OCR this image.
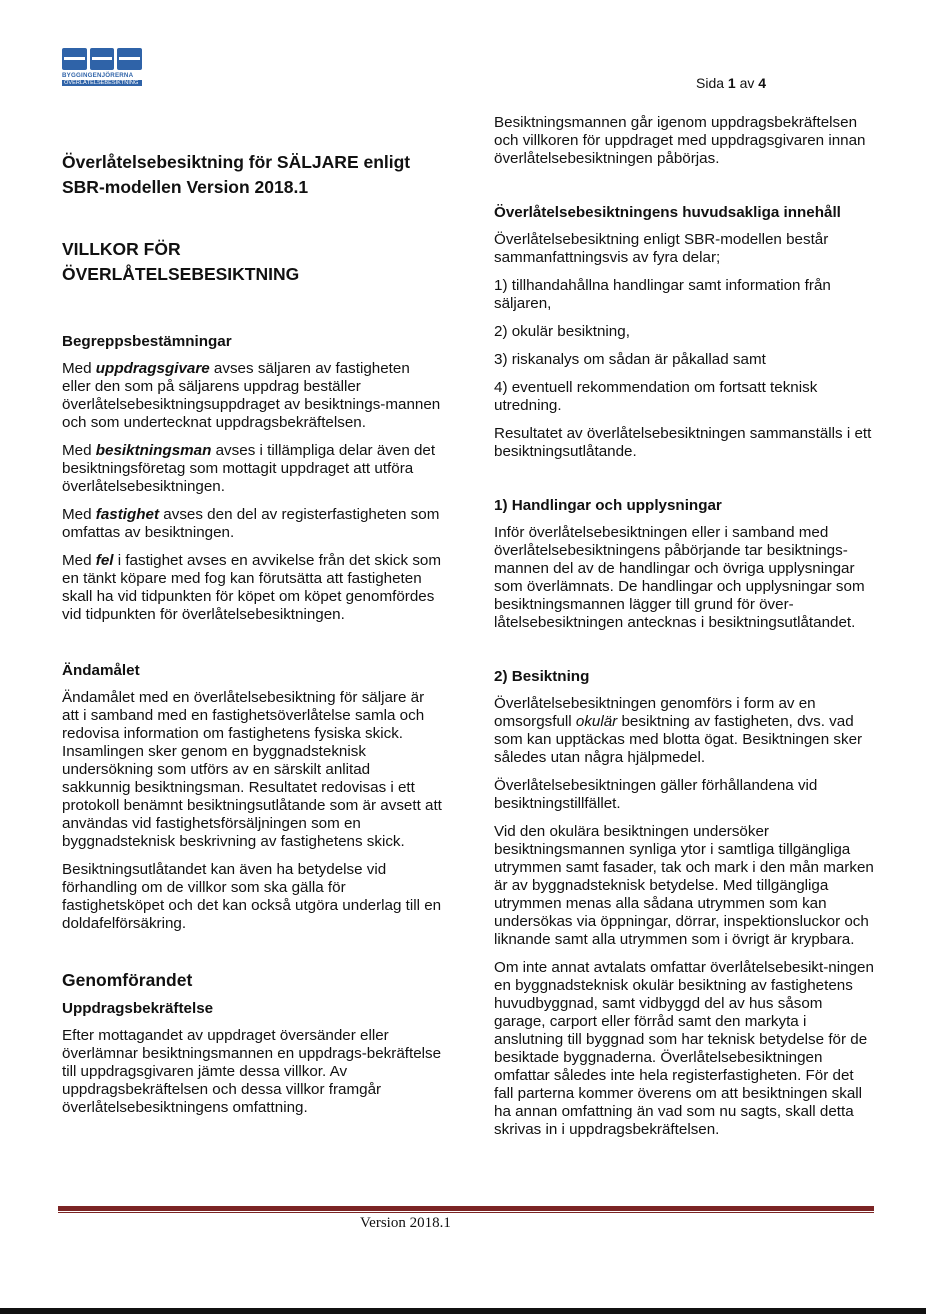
BYGGINGENJÖRERNA
ÖVERLÅTELSEBESIKTNING	Sida 1 av 4
Överlåtelsebesiktning för SÄLJARE enligt
SBR-modellen Version 2018.1
VILLKOR FÖR
ÖVERLÅTELSEBESIKTNING
Begreppsbestämningar

Med uppdragsgivare avses säljaren av fastigheten eller den som på säljarens uppdrag beställer överlåtelsebesiktningsuppdraget av besiktnings-mannen och som undertecknat uppdragsbekräftelsen.

Med besiktningsman avses i tillämpliga delar även det besiktningsföretag som mottagit uppdraget att utföra överlåtelsebesiktningen.

Med fastighet avses den del av registerfastigheten som omfattas av besiktningen.

Med fel i fastighet avses en avvikelse från det skick som en tänkt köpare med fog kan förutsätta att fastigheten skall ha vid tidpunkten för köpet om köpet genomfördes vid tidpunkten för överlåtelsebesiktningen.

Ändamålet

Ändamålet med en överlåtelsebesiktning för säljare är att i samband med en fastighetsöverlåtelse samla och redovisa information om fastighetens fysiska skick. Insamlingen sker genom en byggnadsteknisk undersökning som utförs av en särskilt anlitad sakkunnig besiktningsman. Resultatet redovisas i ett protokoll benämnt besiktningsutlåtande som är avsett att användas vid fastighetsförsäljningen som en byggnadsteknisk beskrivning av fastighetens skick.

Besiktningsutlåtandet kan även ha betydelse vid förhandling om de villkor som ska gälla för fastighetsköpet och det kan också utgöra underlag till en doldafelförsäkring.

Genomförandet
Uppdragsbekräftelse

Efter mottagandet av uppdraget översänder eller överlämnar besiktningsmannen en uppdrags-bekräftelse till uppdragsgivaren jämte dessa villkor. Av uppdragsbekräftelsen och dessa villkor framgår överlåtelsebesiktningens omfattning.

Besiktningsmannen går igenom uppdragsbekräftelsen och villkoren för uppdraget med uppdragsgivaren innan överlåtelsebesiktningen påbörjas.

Överlåtelsebesiktningens huvudsakliga innehåll

Överlåtelsebesiktning enligt SBR-modellen består sammanfattningsvis av fyra delar;

1) tillhandahållna handlingar samt information från säljaren,

2) okulär besiktning,

3) riskanalys om sådan är påkallad samt

4) eventuell rekommendation om fortsatt teknisk utredning.

Resultatet av överlåtelsebesiktningen sammanställs i ett besiktningsutlåtande.

1) Handlingar och upplysningar

Inför överlåtelsebesiktningen eller i samband med överlåtelsebesiktningens påbörjande tar besiktnings-mannen del av de handlingar och övriga upplysningar som överlämnats. De handlingar och upplysningar som besiktningsmannen lägger till grund för över-låtelsebesiktningen antecknas i besiktningsutlåtandet.

2) Besiktning

Överlåtelsebesiktningen genomförs i form av en omsorgsfull okulär besiktning av fastigheten, dvs. vad som kan upptäckas med blotta ögat. Besiktningen sker således utan några hjälpmedel.

Överlåtelsebesiktningen gäller förhållandena vid besiktningstillfället.

Vid den okulära besiktningen undersöker besiktningsmannen synliga ytor i samtliga tillgängliga utrymmen samt fasader, tak och mark i den mån marken är av byggnadsteknisk betydelse. Med tillgängliga utrymmen menas alla sådana utrymmen som kan undersökas via öppningar, dörrar, inspektionsluckor och liknande samt alla utrymmen som i övrigt är krypbara.

Om inte annat avtalats omfattar överlåtelsebesikt-ningen en byggnadsteknisk okulär besiktning av fastighetens huvudbyggnad, samt vidbyggd del av hus såsom garage, carport eller förråd samt den markyta i anslutning till byggnad som har teknisk betydelse för de besiktade byggnaderna. Överlåtelsebesiktningen omfattar således inte hela registerfastigheten. För det fall parterna kommer överens om att besiktningen skall ha annan omfattning än vad som nu sagts, skall detta skrivas in i uppdragsbekräftelsen.

Version 2018.1
